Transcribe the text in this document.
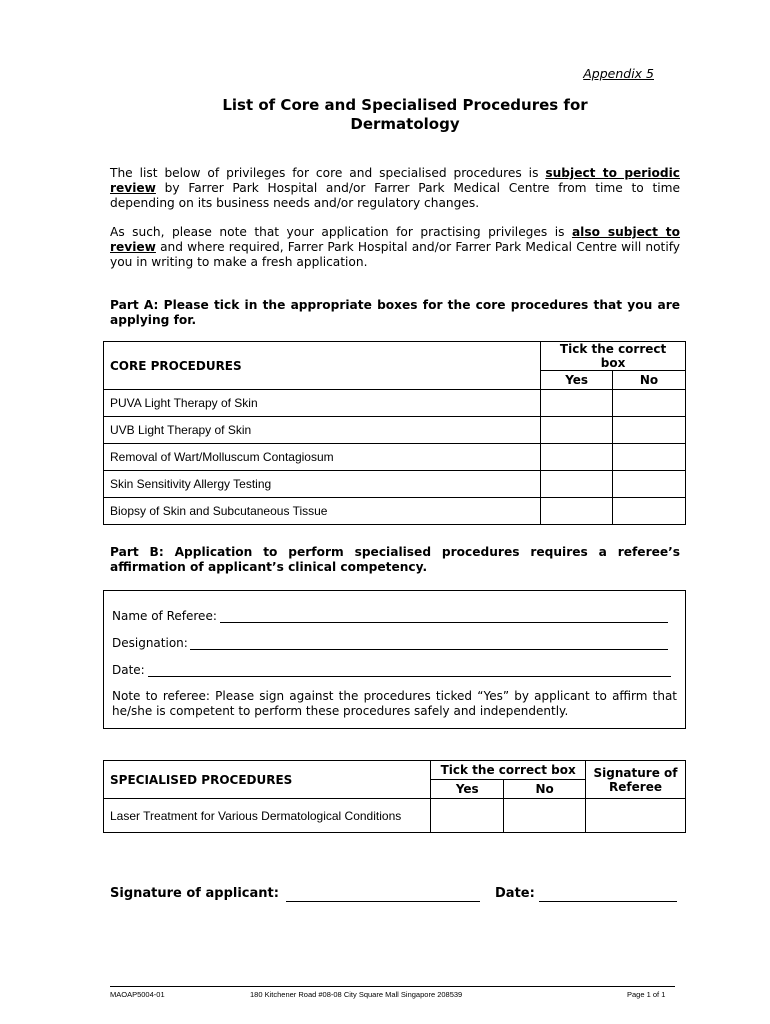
Appendix 5
List of Core and Specialised Procedures for
Dermatology
The list below of privileges for core and specialised procedures is subject to periodic review by Farrer Park Hospital and/or Farrer Park Medical Centre from time to time depending on its business needs and/or regulatory changes.
As such, please note that your application for practising privileges is also subject to review and where required, Farrer Park Hospital and/or Farrer Park Medical Centre will notify you in writing to make a fresh application.
Part A: Please tick in the appropriate boxes for the core procedures that you are applying for.
CORE PROCEDURES	Tick the correct box	
	Yes	No
PUVA Light Therapy of Skin		
UVB Light Therapy of Skin		
Removal of Wart/Molluscum Contagiosum		
Skin Sensitivity Allergy Testing		
Biopsy of Skin and Subcutaneous Tissue		
Part B: Application to perform specialised procedures requires a referee’s affirmation of applicant’s clinical competency.
Name of Referee:
Designation:
Date:
Note to referee: Please sign against the procedures ticked “Yes” by applicant to affirm that he/she is competent to perform these procedures safely and independently.
SPECIALISED PROCEDURES	Tick the correct box		Signature of Referee
	Yes	No	
Laser Treatment for Various Dermatological Conditions			
Signature of applicant:	Date:
MAOAP5004-01	180 Kitchener Road #08-08 City Square Mall Singapore 208539	Page 1 of 1
